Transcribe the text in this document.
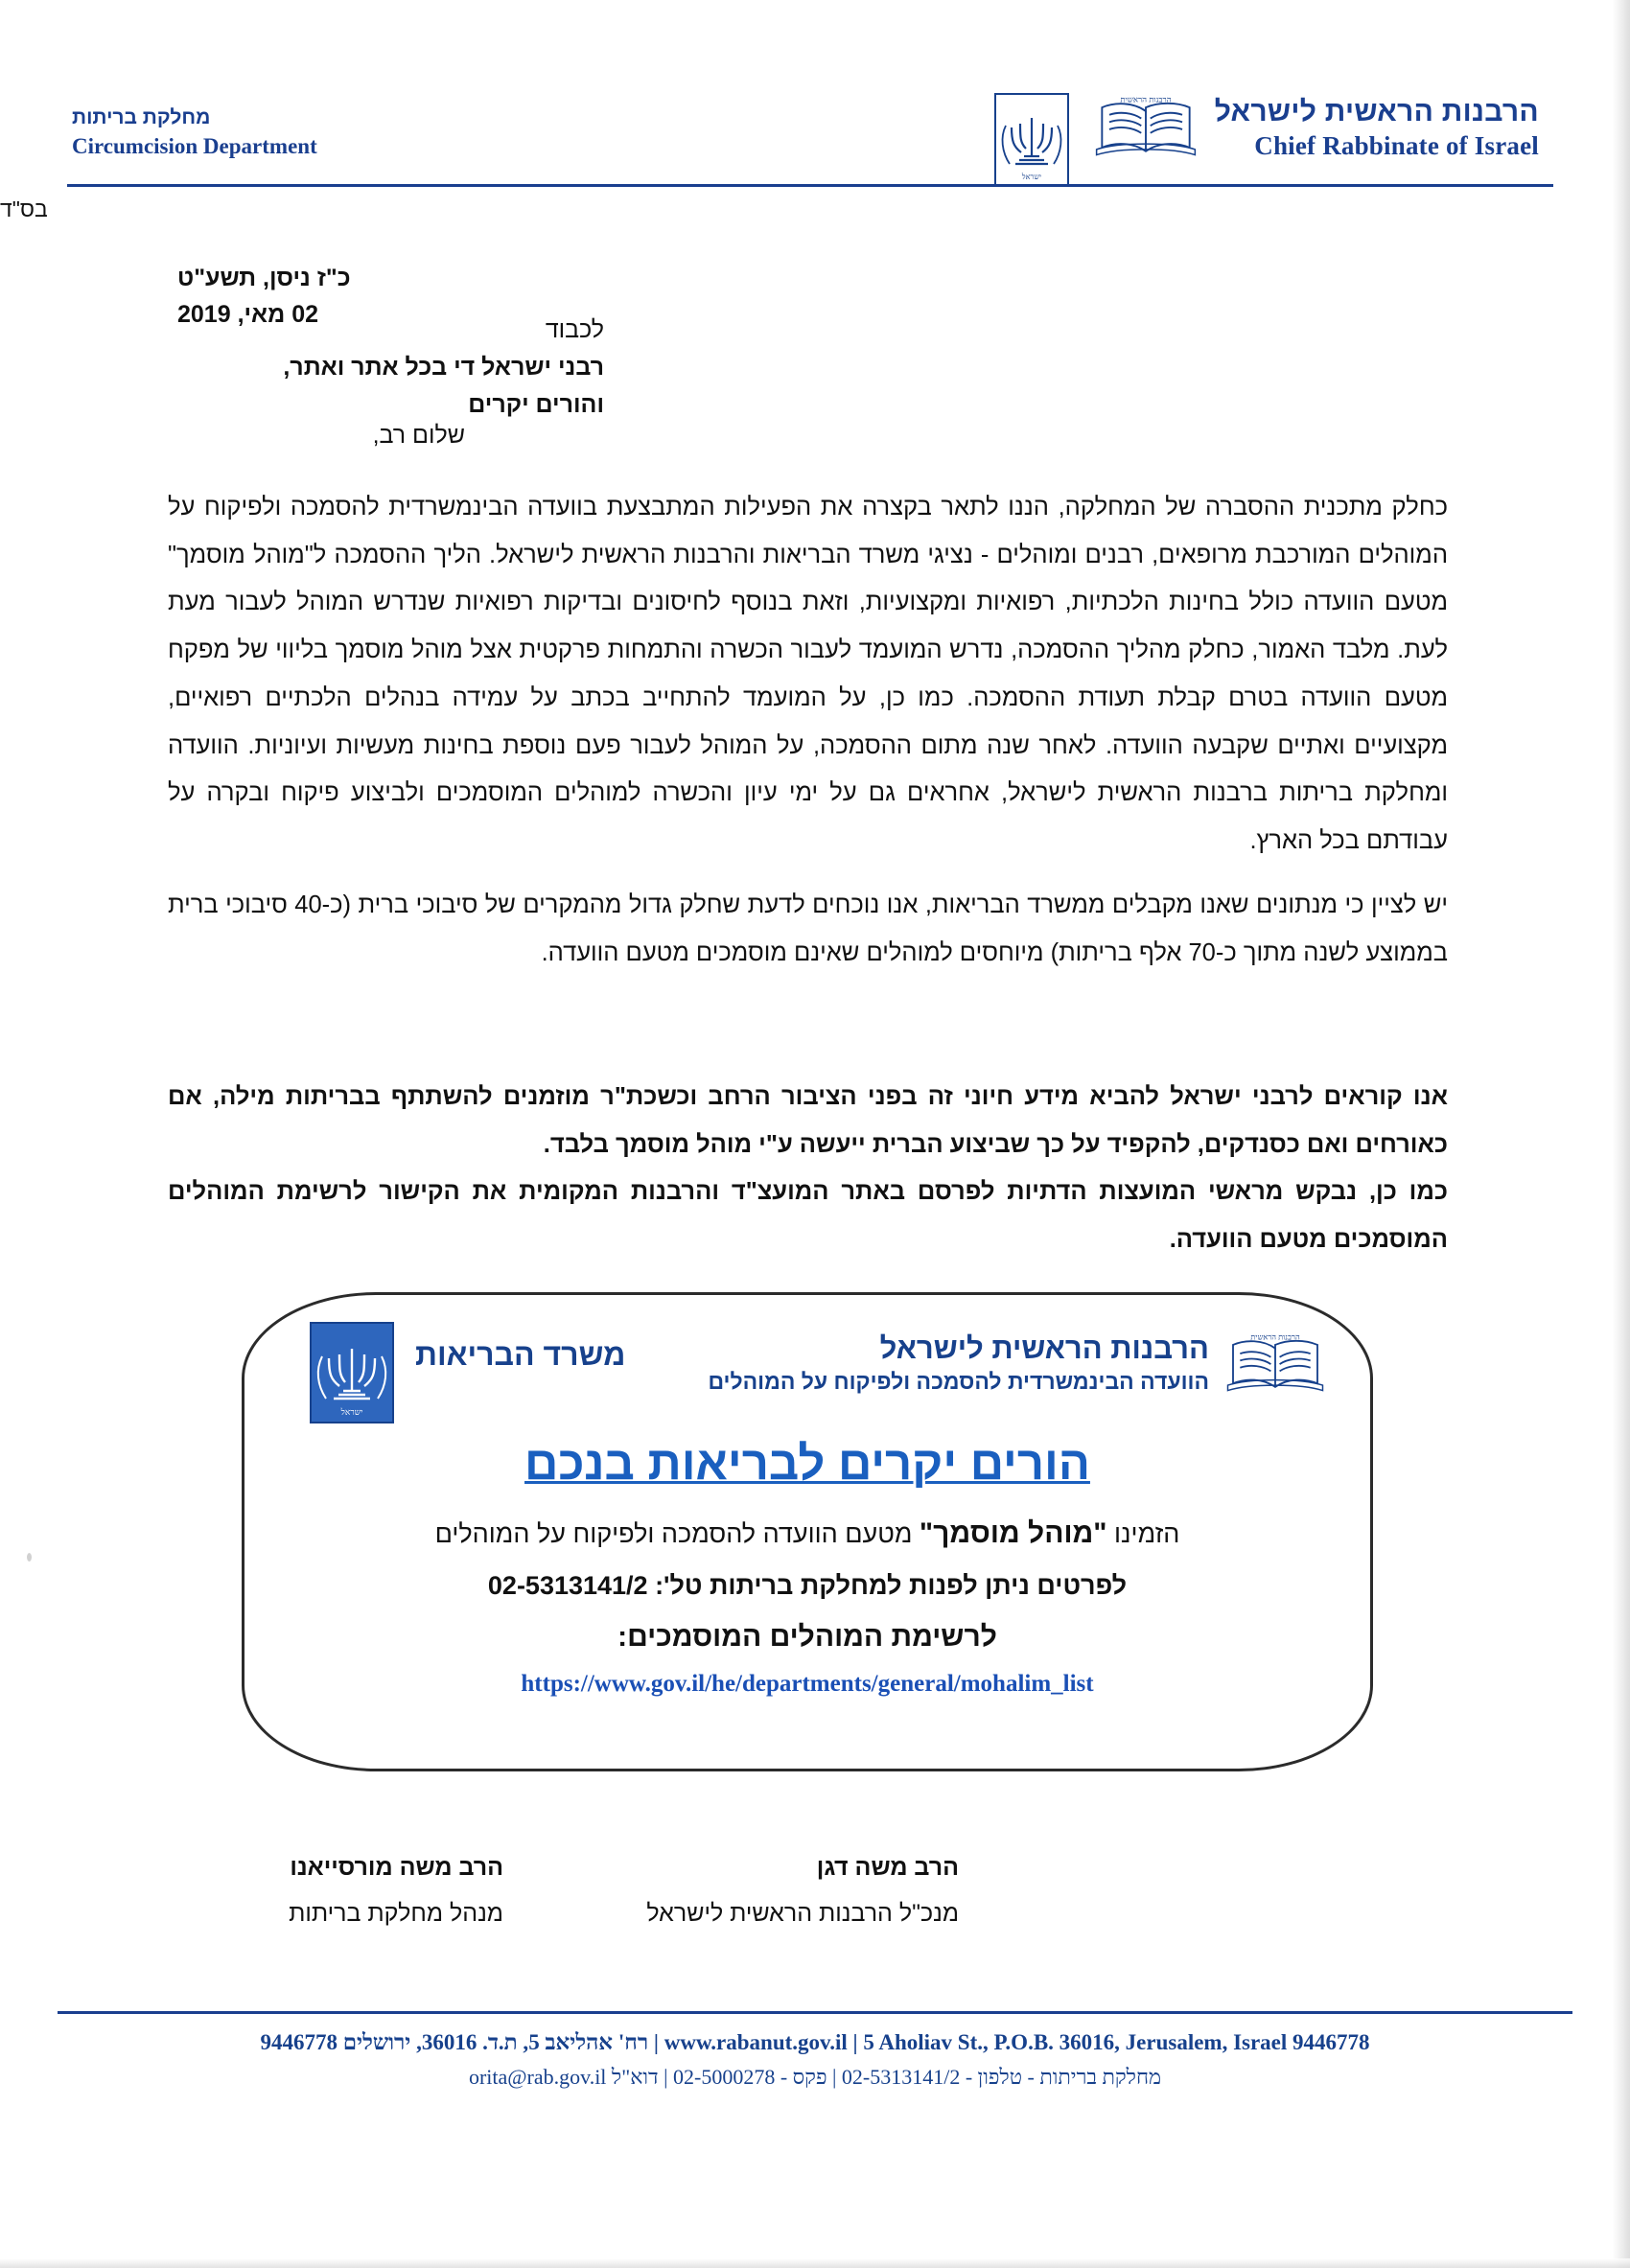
הרבנות הראשית לישראל
Chief Rabbinate of Israel
הרבנות הראשית
ישראל
מחלקת בריתות
Circumcision Department
בס"ד
כ"ז ניסן, תשע"ט
02 מאי, 2019
לכבוד
רבני ישראל די בכל אתר ואתר,
והורים יקרים
שלום רב,
כחלק מתכנית ההסברה של המחלקה, הננו לתאר בקצרה את הפעילות המתבצעת בוועדה הבינמשרדית להסמכה ולפיקוח על המוהלים המורכבת מרופאים, רבנים ומוהלים - נציגי משרד הבריאות והרבנות הראשית לישראל. הליך ההסמכה ל"מוהל מוסמך" מטעם הוועדה כולל בחינות הלכתיות, רפואיות ומקצועיות, וזאת בנוסף לחיסונים ובדיקות רפואיות שנדרש המוהל לעבור מעת לעת. מלבד האמור, כחלק מהליך ההסמכה, נדרש המועמד לעבור הכשרה והתמחות פרקטית אצל מוהל מוסמך בליווי של מפקח מטעם הוועדה בטרם קבלת תעודת ההסמכה. כמו כן, על המועמד להתחייב בכתב על עמידה בנהלים הלכתיים רפואיים, מקצועיים ואתיים שקבעה הוועדה. לאחר שנה מתום ההסמכה, על המוהל לעבור פעם נוספת בחינות מעשיות ועיוניות. הוועדה ומחלקת בריתות ברבנות הראשית לישראל, אחראים גם על ימי עיון והכשרה למוהלים המוסמכים ולביצוע פיקוח ובקרה על עבודתם בכל הארץ.
יש לציין כי מנתונים שאנו מקבלים ממשרד הבריאות, אנו נוכחים לדעת שחלק גדול מהמקרים של סיבוכי ברית (כ-40 סיבוכי ברית בממוצע לשנה מתוך כ-70 אלף בריתות) מיוחסים למוהלים שאינם מוסמכים מטעם הוועדה.

אנו קוראים לרבני ישראל להביא מידע חיוני זה בפני הציבור הרחב וכשכת"ר מוזמנים להשתתף בבריתות מילה, אם כאורחים ואם כסנדקים, להקפיד על כך שביצוע הברית ייעשה ע"י מוהל מוסמך בלבד.

כמו כן, נבקש מראשי המועצות הדתיות לפרסם באתר המועצ"ד והרבנות המקומית את הקישור לרשימת המוהלים המוסמכים מטעם הוועדה.

ישראל
משרד הבריאות
הרבנות הראשית
הרבנות הראשית לישראל
הוועדה הבינמשרדית להסמכה ולפיקוח על המוהלים
הורים יקרים לבריאות בנכם
הזמינו "מוהל מוסמך" מטעם הוועדה להסמכה ולפיקוח על המוהלים
לפרטים ניתן לפנות למחלקת בריתות טל': 02-5313141/2
לרשימת המוהלים המוסמכים:
https://www.gov.il/he/departments/general/mohalim_list
הרב משה מורסייאנו
מנהל מחלקת בריתות
הרב משה דגן
מנכ"ל הרבנות הראשית לישראל
www.rabanut.gov.il | 5 Aholiav St., P.O.B. 36016, Jerusalem, Israel 9446778 | רח' אהליאב 5, ת.ד. 36016, ירושלים 9446778
מחלקת בריתות - טלפון - 02-5313141/2 | פקס - 02-5000278 | דוא"ל orita@rab.gov.il
